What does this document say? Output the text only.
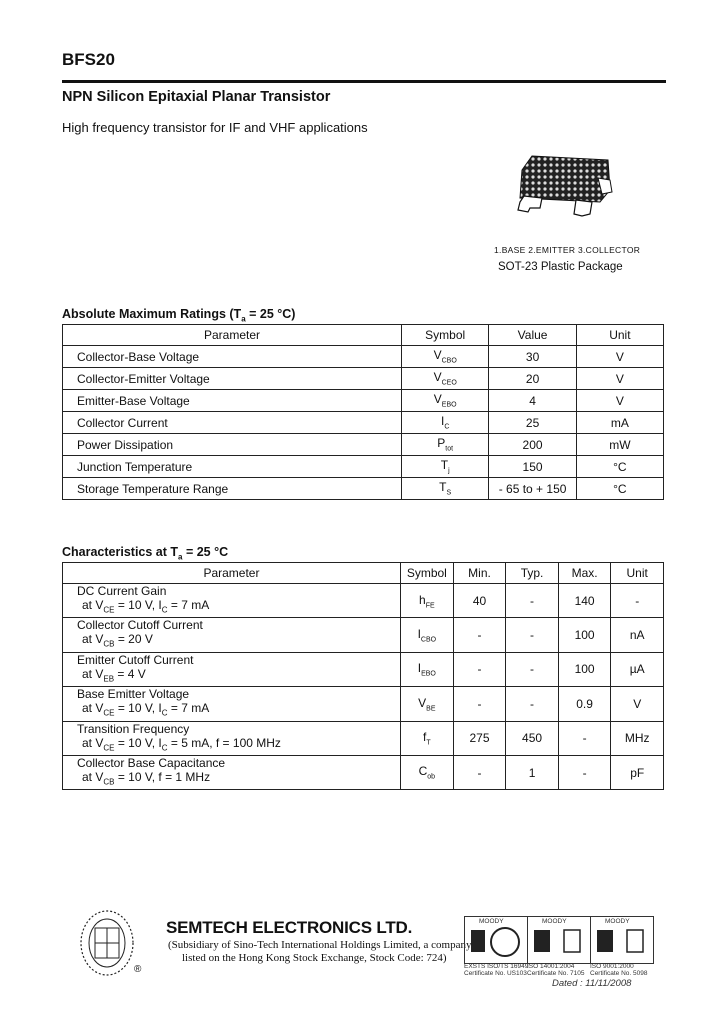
BFS20
NPN Silicon Epitaxial Planar Transistor
High frequency transistor for IF and VHF applications
1.BASE 2.EMITTER 3.COLLECTOR
SOT-23 Plastic Package
Absolute Maximum Ratings ($T_a = 25$ °C)
Parameter	Symbol	Value	Unit
Collector-Base Voltage	$V_{CBO}$	30	V
Collector-Emitter Voltage	$V_{CEO}$	20	V
Emitter-Base Voltage	$V_{EBO}$	4	V
Collector Current	$I_C$	25	mA
Power Dissipation	$P_{tot}$	200	mW
Junction Temperature	$T_j$	150	°C
Storage Temperature Range	$T_S$	- 65 to + 150	°C
Characteristics at $T_a = 25$ °C
Parameter	Symbol	Min.	Typ.	Max.	Unit

DC Current Gain
at $V_{CE} = 10$ V, $I_C = 7$ mA	$h_{FE}$	40	-	140	-

Collector Cutoff Current
at $V_{CB} = 20$ V	$I_{CBO}$	-	-	100	nA

Emitter Cutoff Current
at $V_{EB} = 4$ V	$I_{EBO}$	-	-	100	µA

Base Emitter Voltage
at $V_{CE} = 10$ V, $I_C = 7$ mA	$V_{BE}$	-	-	0.9	V

Transition Frequency
at $V_{CE} = 10$ V, $I_C = 5$ mA, f = 100 MHz	$f_T$	275	450	-	MHz

Collector Base Capacitance
at $V_{CB} = 10$ V, f = 1 MHz	$C_{ob}$	-	1	-	pF
®
SEMTECH ELECTRONICS LTD.
(Subsidiary of Sino-Tech International Holdings Limited, a company
listed on the Hong Kong Stock Exchange, Stock Code: 724)
MOODY
EXSTS ISO/TS 16949
Certificate No. US103
MOODY
ISO 14001:2004
Certificate No. 7105
MOODY
ISO 9001:2000
Certificate No. 5098
Dated : 11/11/2008
